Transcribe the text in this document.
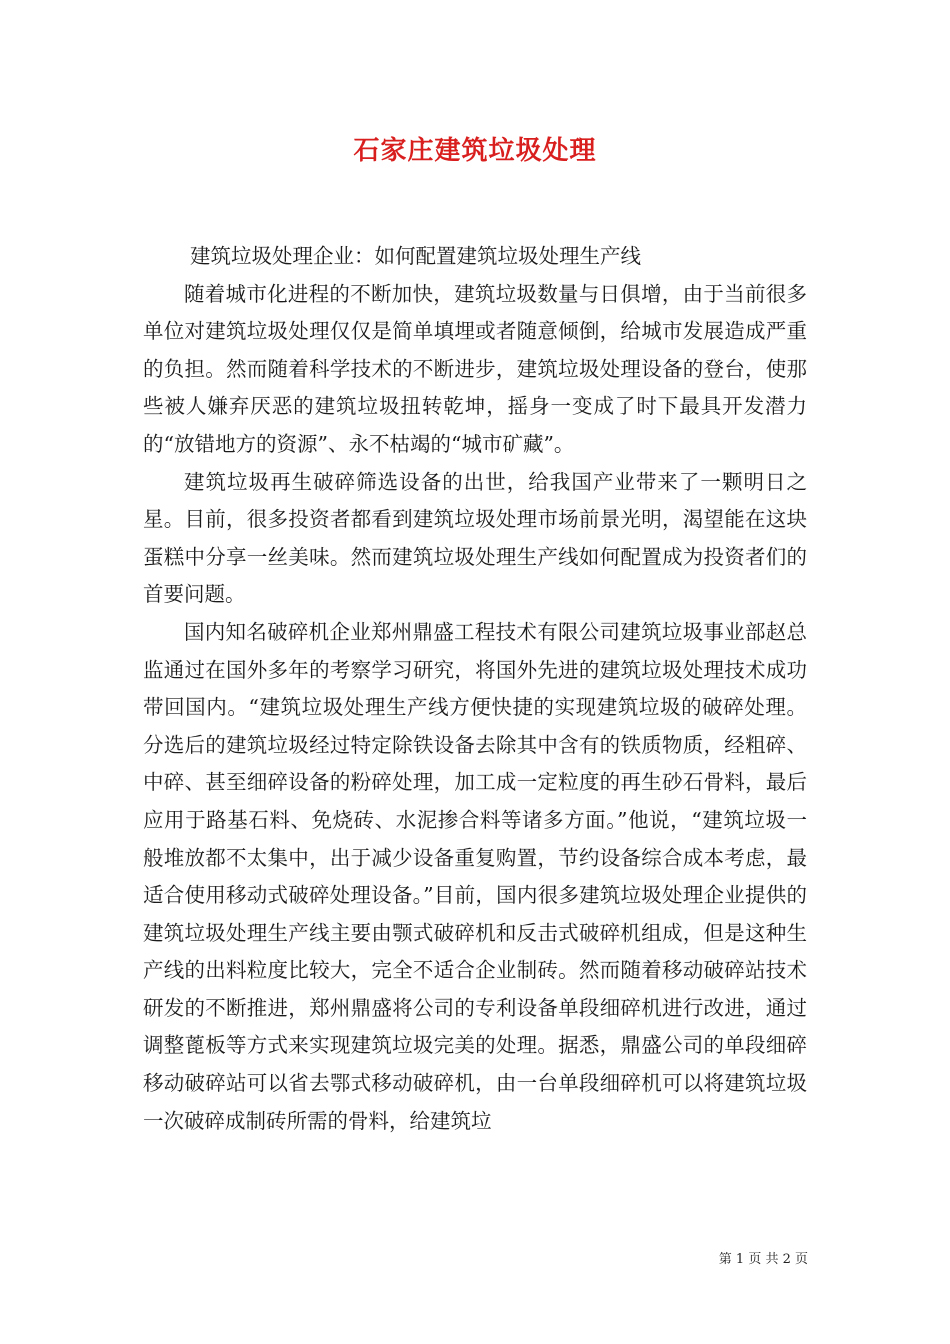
石家庄建筑垃圾处理

建筑垃圾处理企业：如何配置建筑垃圾处理生产线

随着城市化进程的不断加快，建筑垃圾数量与日俱增，由于当前很多单位对建筑垃圾处理仅仅是简单填埋或者随意倾倒，给城市发展造成严重的负担。然而随着科学技术的不断进步，建筑垃圾处理设备的登台，使那些被人嫌弃厌恶的建筑垃圾扭转乾坤，摇身一变成了时下最具开发潜力的“放错地方的资源”、永不枯竭的“城市矿藏”。

建筑垃圾再生破碎筛选设备的出世，给我国产业带来了一颗明日之星。目前，很多投资者都看到建筑垃圾处理市场前景光明，渴望能在这块蛋糕中分享一丝美味。然而建筑垃圾处理生产线如何配置成为投资者们的首要问题。

国内知名破碎机企业郑州鼎盛工程技术有限公司建筑垃圾事业部赵总监通过在国外多年的考察学习研究，将国外先进的建筑垃圾处理技术成功带回国内。“建筑垃圾处理生产线方便快捷的实现建筑垃圾的破碎处理。分选后的建筑垃圾经过特定除铁设备去除其中含有的铁质物质，经粗碎、中碎、甚至细碎设备的粉碎处理，加工成一定粒度的再生砂石骨料，最后应用于路基石料、免烧砖、水泥掺合料等诸多方面。”他说，“建筑垃圾一般堆放都不太集中，出于减少设备重复购置，节约设备综合成本考虑，最适合使用移动式破碎处理设备。”目前，国内很多建筑垃圾处理企业提供的建筑垃圾处理生产线主要由颚式破碎机和反击式破碎机组成，但是这种生产线的出料粒度比较大，完全不适合企业制砖。然而随着移动破碎站技术研发的不断推进，郑州鼎盛将公司的专利设备单段细碎机进行改进，通过调整蓖板等方式来实现建筑垃圾完美的处理。据悉，鼎盛公司的单段细碎移动破碎站可以省去鄂式移动破碎机，由一台单段细碎机可以将建筑垃圾一次破碎成制砖所需的骨料，给建筑垃

第 1 页 共 2 页
